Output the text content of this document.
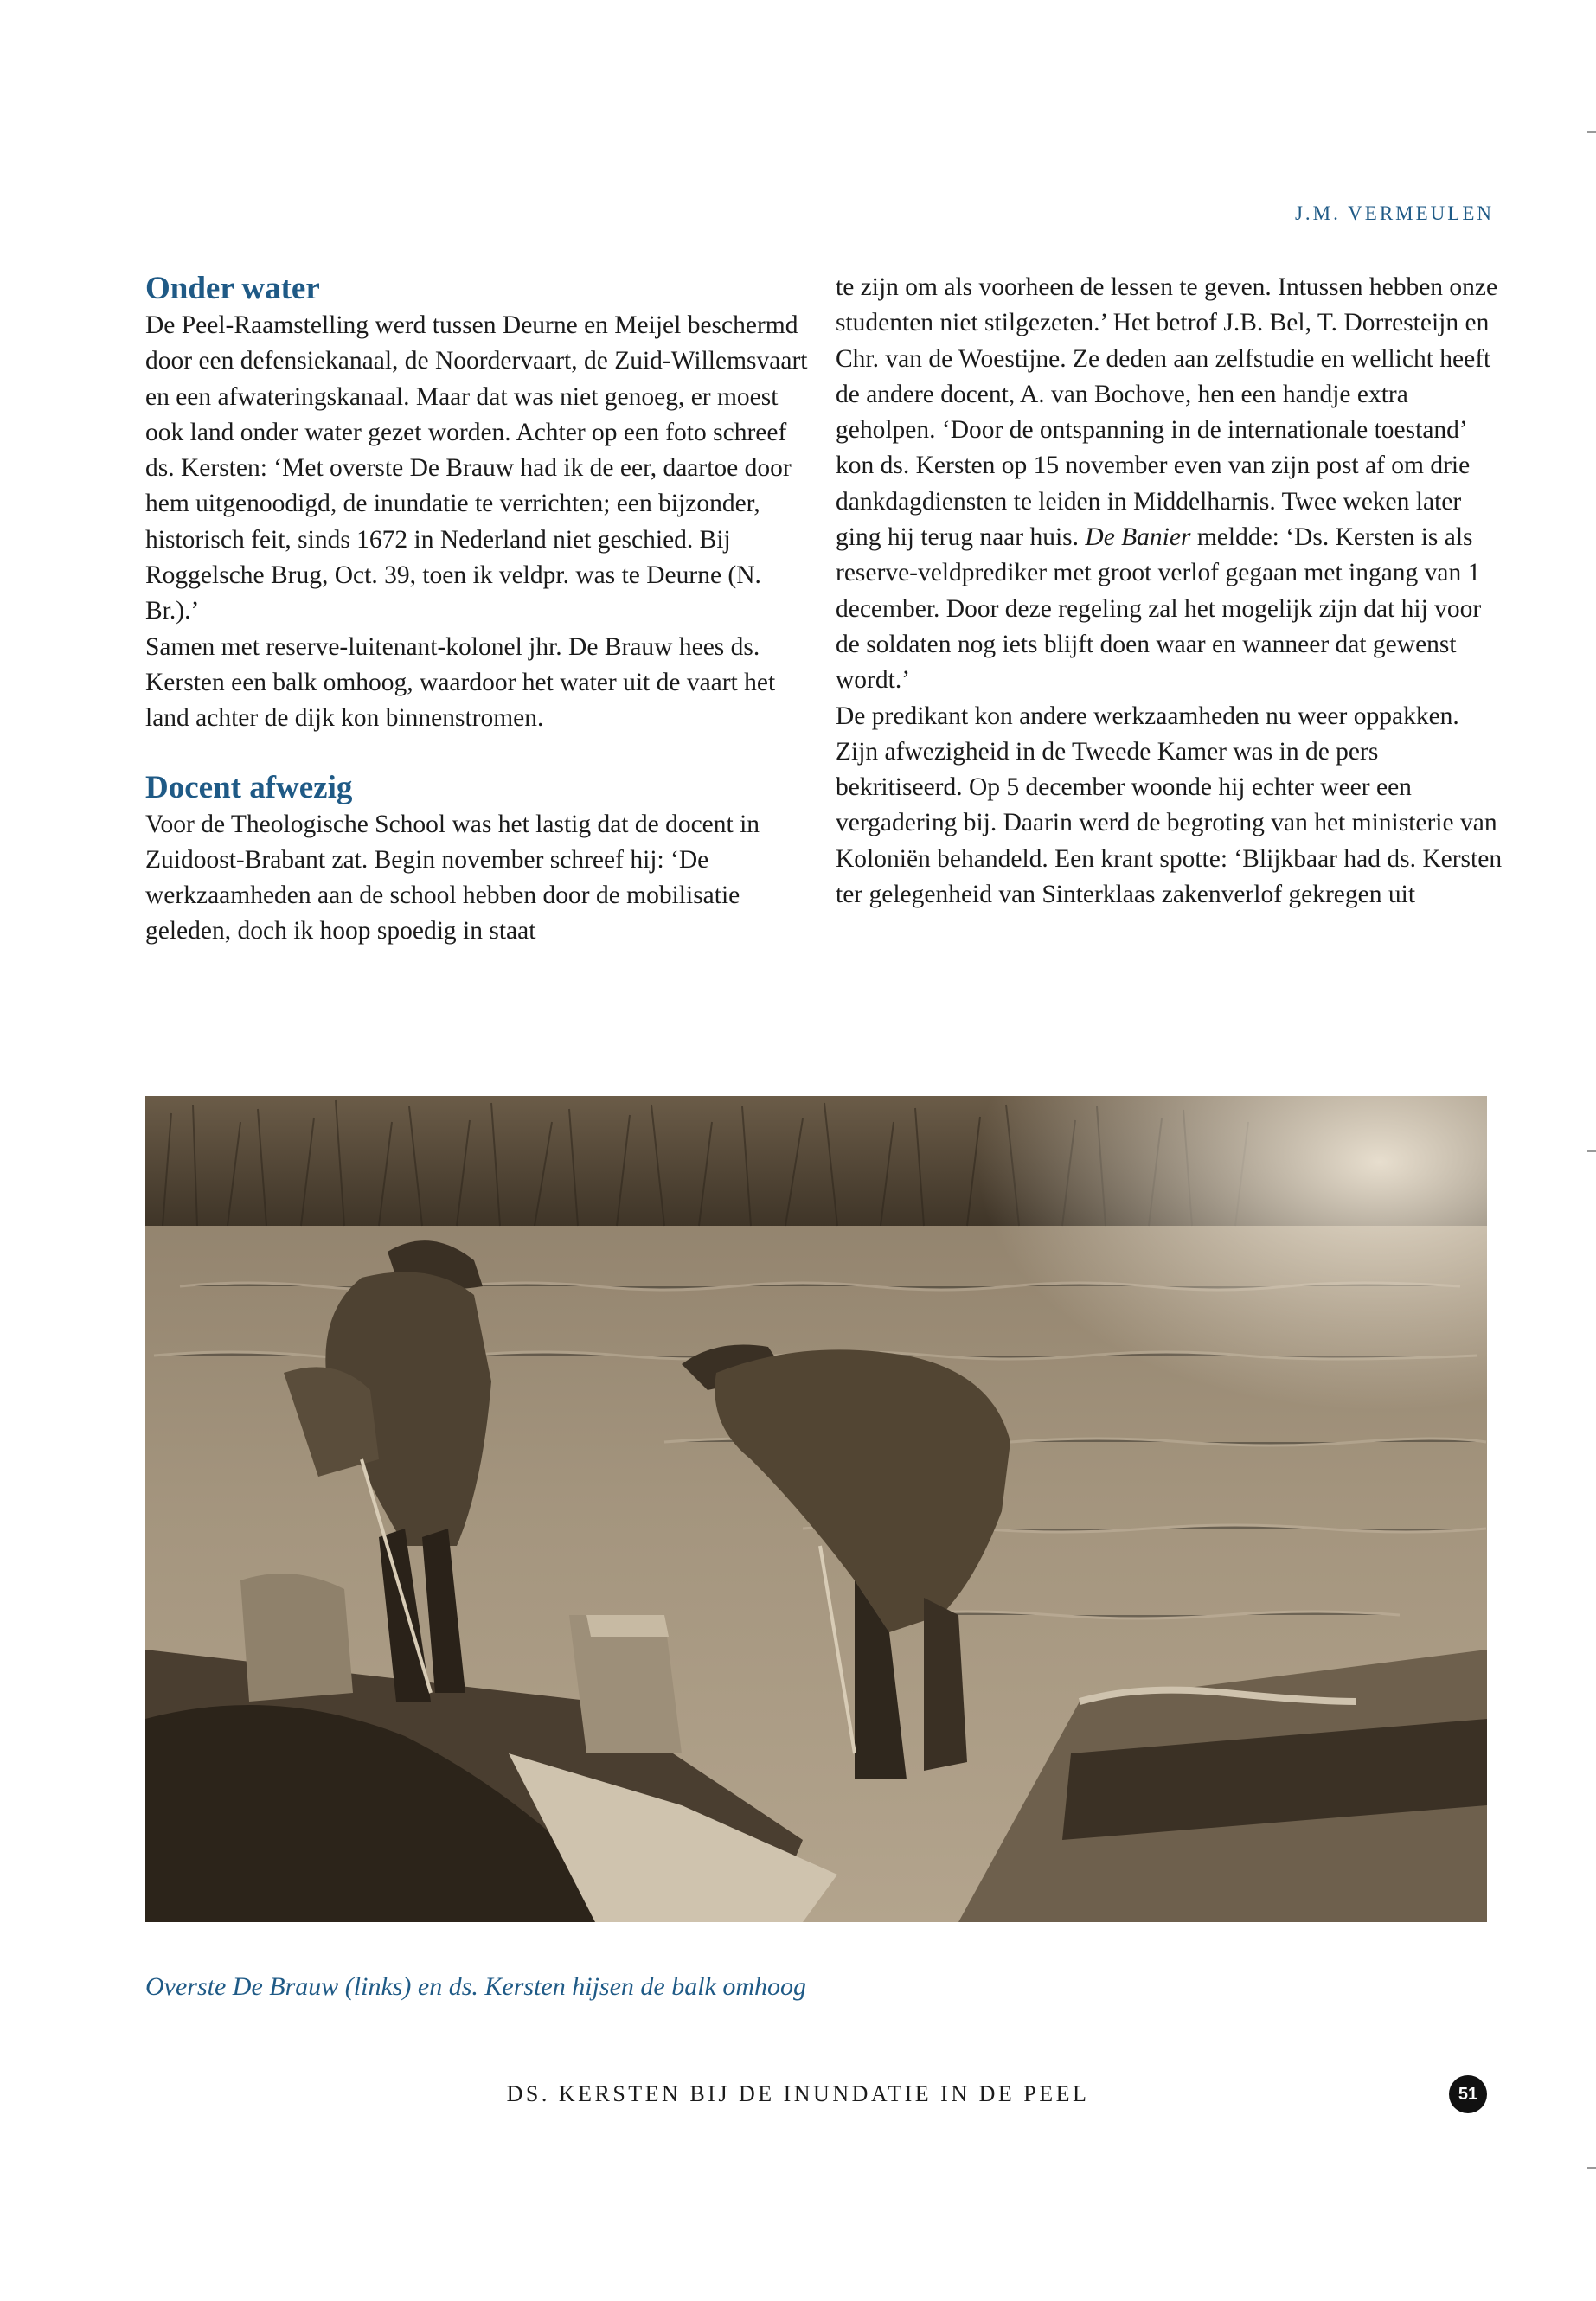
J.M. VERMEULEN
Onder water

De Peel-Raamstelling werd tussen Deurne en Meijel beschermd door een defensiekanaal, de Noordervaart, de Zuid-Willemsvaart en een afwateringskanaal. Maar dat was niet genoeg, er moest ook land onder water gezet worden. Achter op een foto schreef ds. Kersten: ‘Met overste De Brauw had ik de eer, daartoe door hem uitgenoodigd, de inundatie te verrichten; een bijzonder, historisch feit, sinds 1672 in Nederland niet geschied. Bij Roggelsche Brug, Oct. 39, toen ik veldpr. was te Deurne (N. Br.).’

Samen met reserve-luitenant-kolonel jhr. De Brauw hees ds. Kersten een balk omhoog, waardoor het water uit de vaart het land achter de dijk kon binnenstromen.

Docent afwezig

Voor de Theologische School was het lastig dat de docent in Zuidoost-Brabant zat. Begin november schreef hij: ‘De werkzaamheden aan de school hebben door de mobilisatie geleden, doch ik hoop spoedig in staat

te zijn om als voorheen de lessen te geven. Intussen hebben onze studenten niet stilgezeten.’ Het betrof J.B. Bel, T. Dorresteijn en Chr. van de Woestijne. Ze deden aan zelfstudie en wellicht heeft de andere docent, A. van Bochove, hen een handje extra geholpen. ‘Door de ontspanning in de internationale toestand’ kon ds. Kersten op 15 november even van zijn post af om drie dankdagdiensten te leiden in Middelharnis. Twee weken later ging hij terug naar huis. De Banier meldde: ‘Ds. Kersten is als reserve-veldprediker met groot verlof gegaan met ingang van 1 december. Door deze regeling zal het mogelijk zijn dat hij voor de soldaten nog iets blijft doen waar en wanneer dat gewenst wordt.’

De predikant kon andere werkzaamheden nu weer oppakken. Zijn afwezigheid in de Tweede Kamer was in de pers bekritiseerd. Op 5 december woonde hij echter weer een vergadering bij. Daarin werd de begroting van het ministerie van Koloniën behandeld. Een krant spotte: ‘Blijkbaar had ds. Kersten ter gelegenheid van Sinterklaas zakenverlof gekregen uit

Overste De Brauw (links) en ds. Kersten hijsen de balk omhoog
DS. KERSTEN BIJ DE INUNDATIE IN DE PEEL	51
